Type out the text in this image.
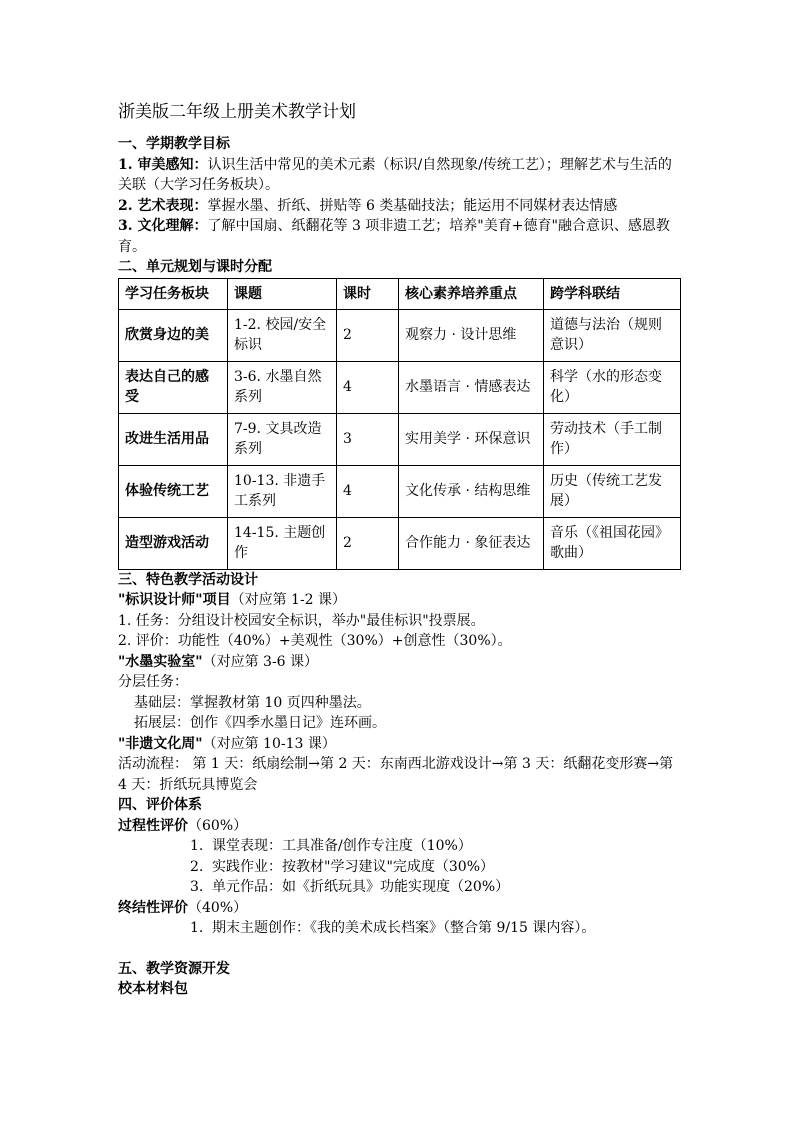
浙美版二年级上册美术教学计划
一、学期教学目标
1. 审美感知：认识生活中常见的美术元素（标识/自然现象/传统工艺）；理解艺术与生活的关联（大学习任务板块）。
2. 艺术表现：掌握水墨、折纸、拼贴等 6 类基础技法；能运用不同媒材表达情感
3. 文化理解：了解中国扇、纸翻花等 3 项非遗工艺；培养"美育+德育"融合意识、感恩教育。
二、单元规划与课时分配
学习任务板块	课题	课时	核心素养培养重点	跨学科联结
欣赏身边的美	1-2. 校园/安全标识	2	观察力 · 设计思维	道德与法治（规则意识）
表达自己的感受	3-6. 水墨自然系列	4	水墨语言 · 情感表达	科学（水的形态变化）
改进生活用品	7-9. 文具改造系列	3	实用美学 · 环保意识	劳动技术（手工制作）
体验传统工艺	10-13. 非遗手工系列	4	文化传承 · 结构思维	历史（传统工艺发展）
造型游戏活动	14-15. 主题创作	2	合作能力 · 象征表达	音乐（《祖国花园》歌曲）
三、特色教学活动设计
"标识设计师"项目（对应第 1-2 课）
1. 任务：分组设计校园安全标识，举办"最佳标识"投票展。
2. 评价：功能性（40%）+美观性（30%）+创意性（30%）。
"水墨实验室"（对应第 3-6 课）
分层任务：
基础层：掌握教材第 10 页四种墨法。
拓展层：创作《四季水墨日记》连环画。
"非遗文化周"（对应第 10-13 课）
活动流程： 第 1 天：纸扇绘制→第 2 天：东南西北游戏设计→第 3 天：纸翻花变形赛→第 4 天：折纸玩具博览会
四、评价体系
过程性评价（60%）
1. 课堂表现：工具准备/创作专注度（10%）
2. 实践作业：按教材"学习建议"完成度（30%）
3. 单元作品：如《折纸玩具》功能实现度（20%）
终结性评价（40%）
1. 期末主题创作：《我的美术成长档案》（整合第 9/15 课内容）。
五、教学资源开发
校本材料包
